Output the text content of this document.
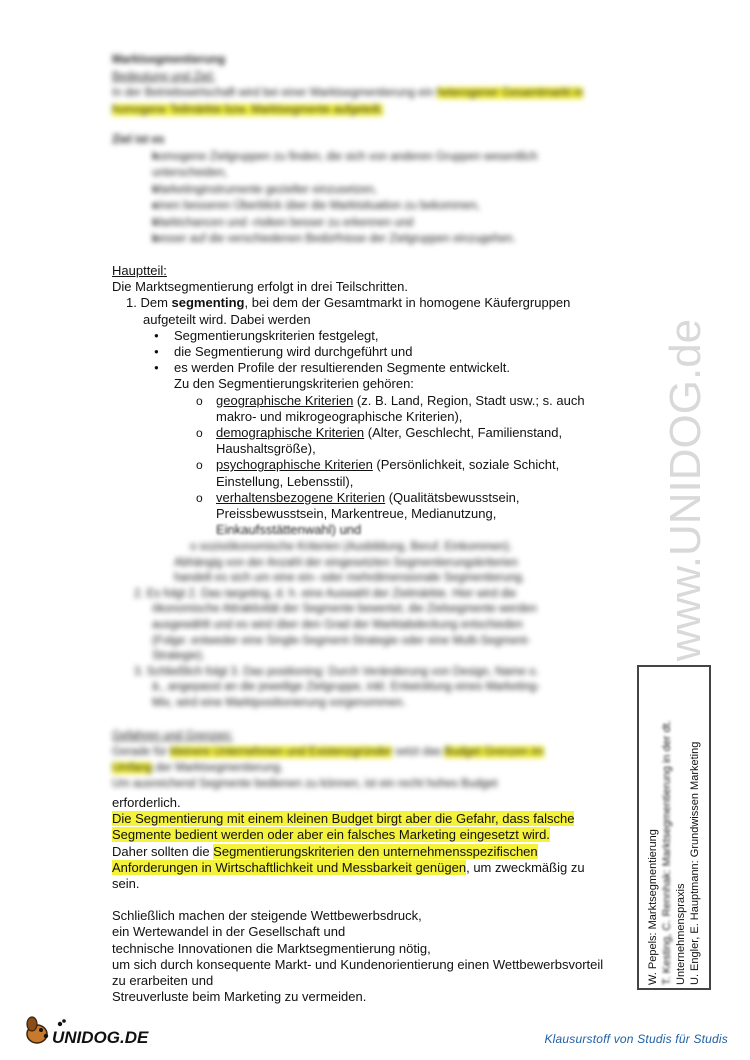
Marktsegmentierung
Bedeutung und Ziel:
In der Betriebswirtschaft wird bei einer Marktsegmentierung ein heterogener Gesamtmarkt in homogene Teilmärkte bzw. Marktsegmente aufgeteilt.
Ziel ist es
● homogene Zielgruppen zu finden, die sich von anderen Gruppen wesentlich unterscheiden,
● Marketinginstrumente gezielter einzusetzen,
● einen besseren Überblick über die Marktsituation zu bekommen,
● Marktchancen und -risiken besser zu erkennen und
● besser auf die verschiedenen Bedürfnisse der Zielgruppen einzugehen.

Hauptteil:

Die Marktsegmentierung erfolgt in drei Teilschritten.

1. Dem segmenting, bei dem der Gesamtmarkt in homogene Käufergruppen

aufgeteilt wird. Dabei werden

● Segmentierungskriterien festgelegt,
● die Segmentierung wird durchgeführt und
● es werden Profile der resultierenden Segmente entwickelt.

Zu den Segmentierungskriterien gehören:

o geographische Kriterien (z. B. Land, Region, Stadt usw.; s. auch
makro- und mikrogeographische Kriterien),
o demographische Kriterien (Alter, Geschlecht, Familienstand,
Haushaltsgröße),
o psychographische Kriterien (Persönlichkeit, soziale Schicht,
Einstellung, Lebensstil),
o verhaltensbezogene Kriterien (Qualitätsbewusstsein,
Preissbewusstsein, Markentreue, Medianutzung,
Einkaufsstättenwahl) und
o sozioökonomische Kriterien (Ausbildung, Beruf, Einkommen).
Abhängig von der Anzahl der eingesetzten Segmentierungskriterien
handelt es sich um eine ein- oder mehrdimensionale Segmentierung.
2. Es folgt 2. Das targeting, d. h. eine Auswahl der Zielmärkte. Hier wird die
ökonomische Attraktivität der Segmente bewertet, die Zielsegmente werden
ausgewählt und es wird über den Grad der Marktabdeckung entschieden
(Folge: entweder eine Single-Segment-Strategie oder eine Multi-Segment-
Strategie).
3. Schließlich folgt 3. Das positioning: Durch Veränderung von Design, Name o.
ä., angepasst an die jeweilige Zielgruppe, inkl. Entwicklung eines Marketing-
Mix, wird eine Marktpositionierung vorgenommen.
Gefahren und Grenzen:
Gerade für kleinere Unternehmen und Existenzgründer setzt das Budget Grenzen im
Umfang der Marktsegmentierung.
Um ausreichend Segmente bedienen zu können, ist ein recht hohes Budget

erforderlich.

Die Segmentierung mit einem kleinen Budget birgt aber die Gefahr, dass falsche

Segmente bedient werden oder aber ein falsches Marketing eingesetzt wird.

Daher sollten die Segmentierungskriterien den unternehmensspezifischen

Anforderungen in Wirtschaftlichkeit und Messbarkeit genügen, um zweckmäßig zu

sein.

Schließlich machen der steigende Wettbewerbsdruck,

ein Wertewandel in der Gesellschaft und

technische Innovationen die Marktsegmentierung nötig,

um sich durch konsequente Markt- und Kundenorientierung einen Wettbewerbsvorteil

zu erarbeiten und

Streuverluste beim Marketing zu vermeiden.

www.UNIDOG.de
W. Pepels: Marktsegmentierung T. Kesting, C. Rennhak: Marktsegmentierung in der dt. Unternehmenspraxis U. Engler, E. Hauptmann: Grundwissen Marketing
UNIDOG.DE	Klausurstoff von Studis für Studis
